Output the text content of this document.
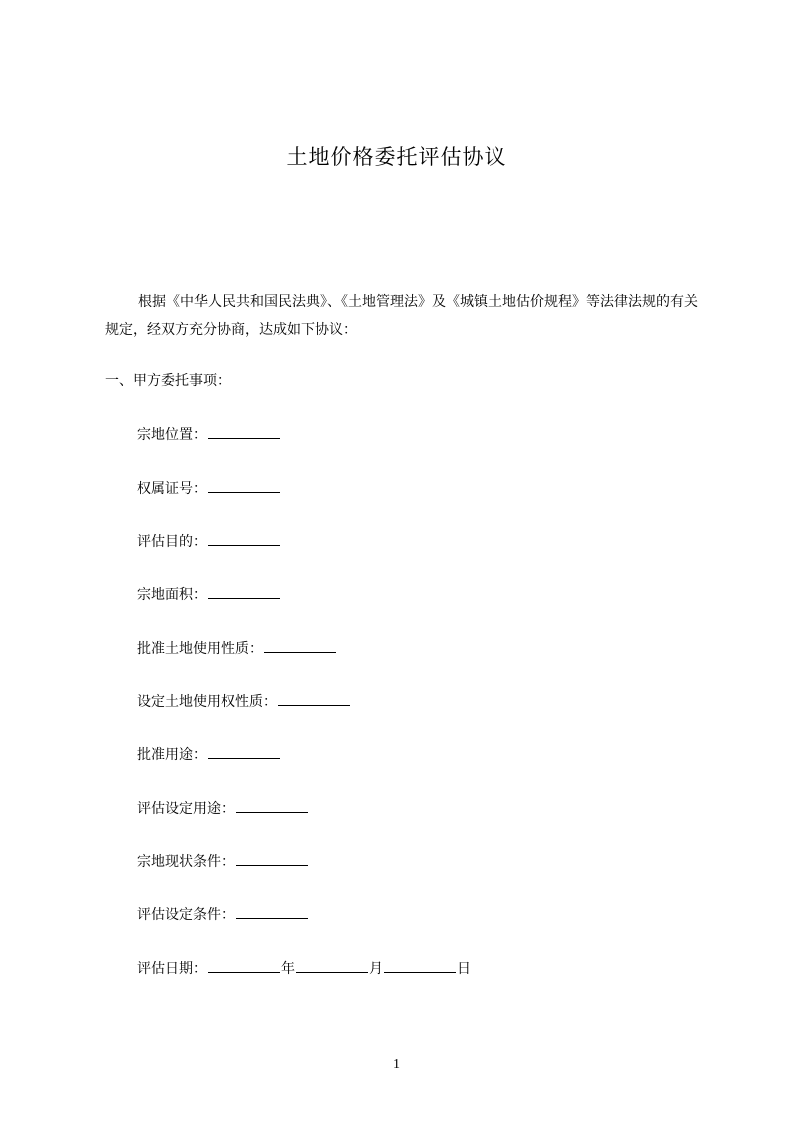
土地价格委托评估协议
根据《中华人民共和国民法典》、《土地管理法》及《城镇土地估价规程》等法律法规的有关规定，经双方充分协商，达成如下协议：
一、甲方委托事项：
宗地位置：
权属证号：
评估目的：
宗地面积：
批准土地使用性质：
设定土地使用权性质：
批准用途：
评估设定用途：
宗地现状条件：
评估设定条件：
评估日期：	年	月	日
1
